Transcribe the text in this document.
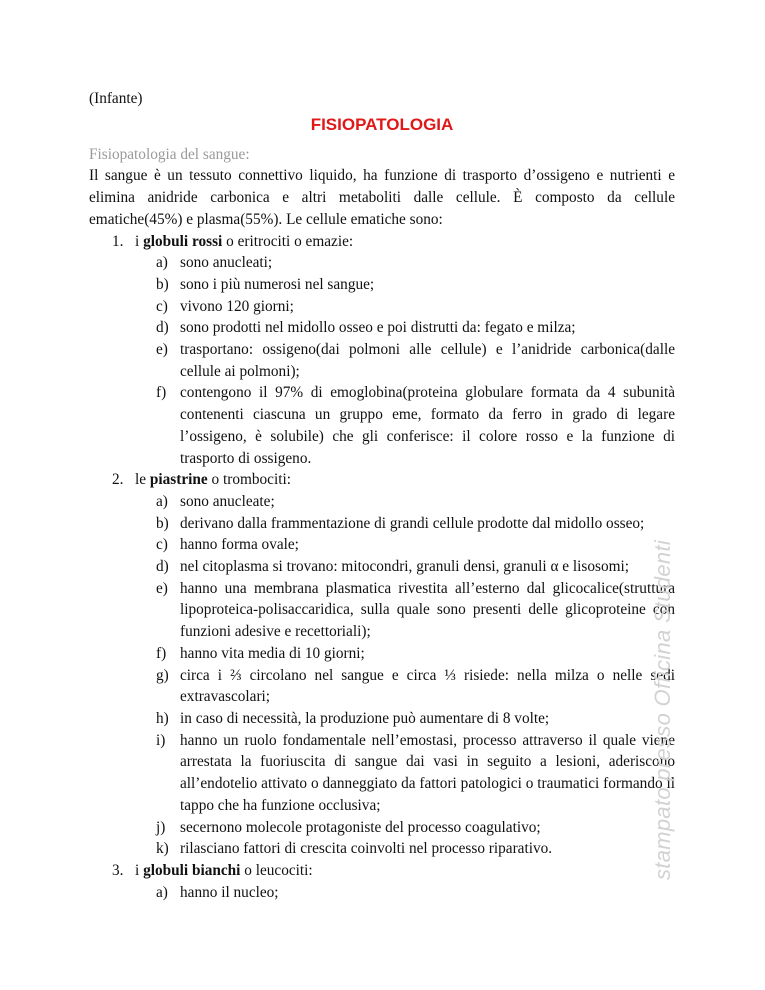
(Infante)

FISIOPATOLOGIA

Fisiopatologia del sangue:

Il sangue è un tessuto connettivo liquido, ha funzione di trasporto d’ossigeno e nutrienti e elimina anidride carbonica e altri metaboliti dalle cellule. È composto da cellule ematiche(45%) e plasma(55%). Le cellule ematiche sono:

1. i globuli rossi o eritrociti o emazie:

a) sono anucleati;

b) sono i più numerosi nel sangue;

c) vivono 120 giorni;

d) sono prodotti nel midollo osseo e poi distrutti da: fegato e milza;

e) trasportano: ossigeno(dai polmoni alle cellule) e l’anidride carbonica(dalle cellule ai polmoni);

f) contengono il 97% di emoglobina(proteina globulare formata da 4 subunità contenenti ciascuna un gruppo eme, formato da ferro in grado di legare l’ossigeno, è solubile) che gli conferisce: il colore rosso e la funzione di trasporto di ossigeno.

2. le piastrine o trombociti:

a) sono anucleate;

b) derivano dalla frammentazione di grandi cellule prodotte dal midollo osseo;

c) hanno forma ovale;

d) nel citoplasma si trovano: mitocondri, granuli densi, granuli α e lisosomi;

e) hanno una membrana plasmatica rivestita all’esterno dal glicocalice(struttura lipoproteica-polisaccaridica, sulla quale sono presenti delle glicoproteine con funzioni adesive e recettoriali);

f) hanno vita media di 10 giorni;

g) circa i ⅔ circolano nel sangue e circa ⅓ risiede: nella milza o nelle sedi extravascolari;

h) in caso di necessità, la produzione può aumentare di 8 volte;

i) hanno un ruolo fondamentale nell’emostasi, processo attraverso il quale viene arrestata la fuoriuscita di sangue dai vasi in seguito a lesioni, aderiscono all’endotelio attivato o danneggiato da fattori patologici o traumatici formando il tappo che ha funzione occlusiva;

j) secernono molecole protagoniste del processo coagulativo;

k) rilasciano fattori di crescita coinvolti nel processo riparativo.

3. i globuli bianchi o leucociti:

a) hanno il nucleo;

stampato presso Officina Studenti
